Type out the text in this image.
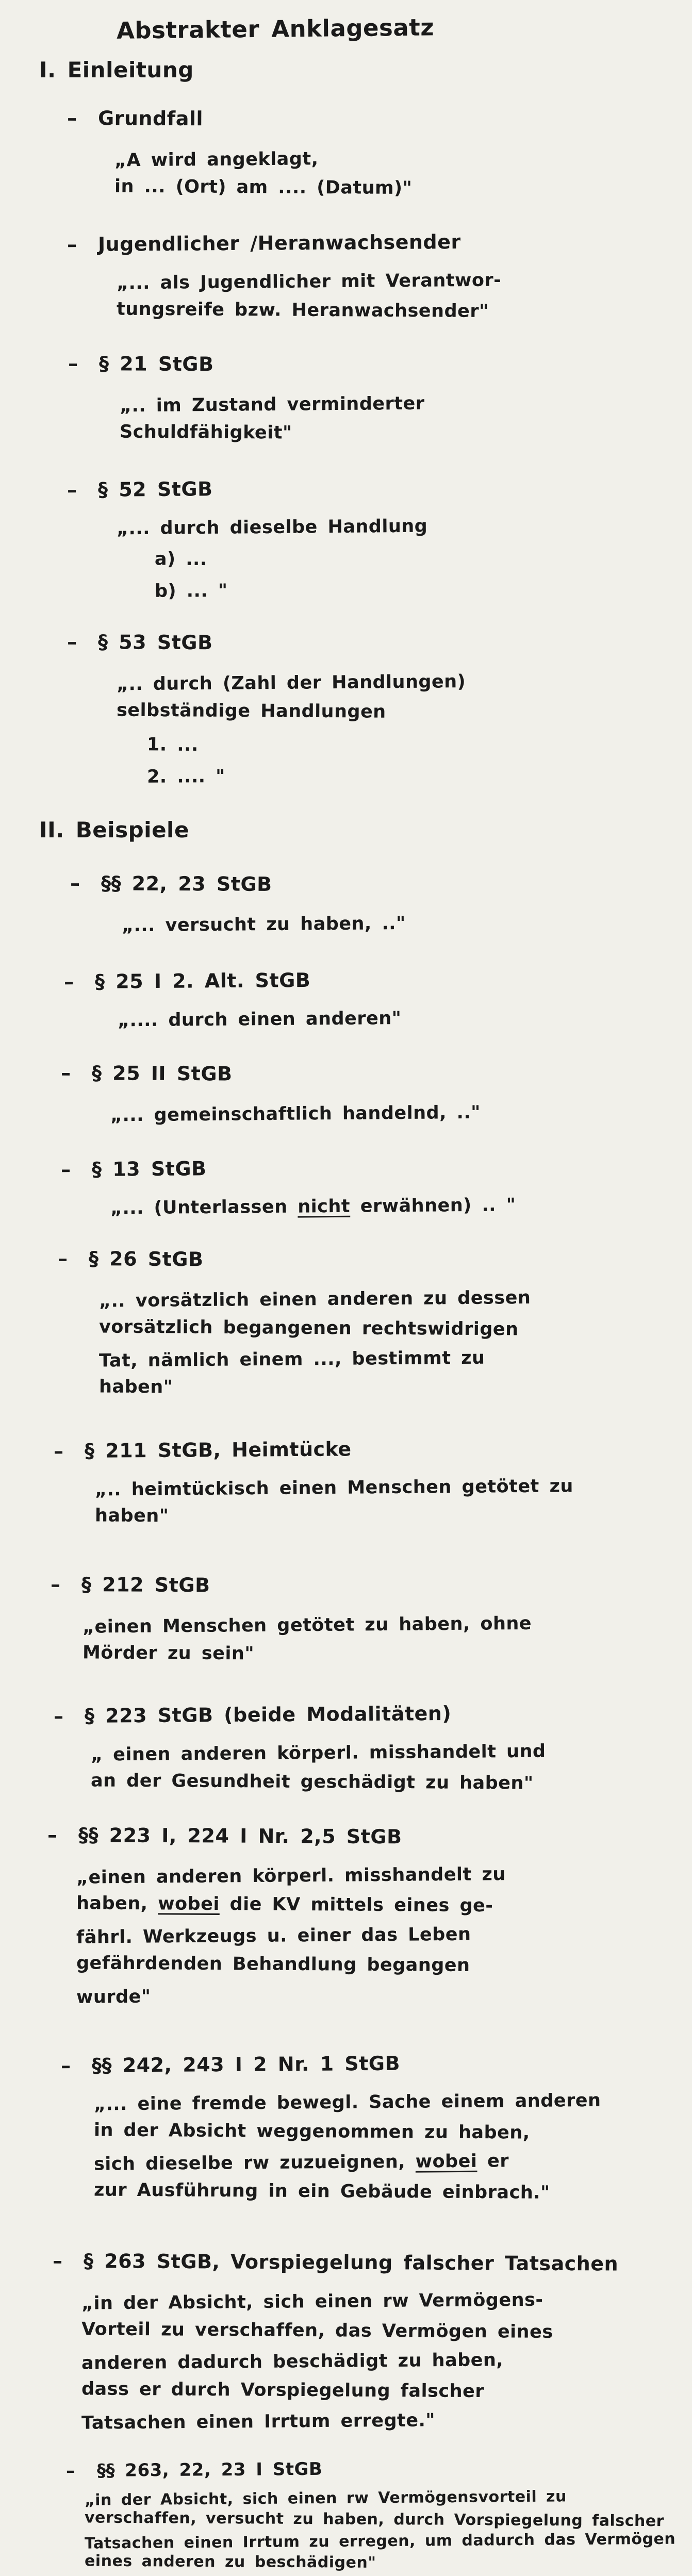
Abstrakter Anklagesatz
I. Einleitung
–	Grundfall
„A wird angeklagt,
in ... (Ort) am .... (Datum)"
–	Jugendlicher /Heranwachsender
„... als Jugendlicher mit Verantwor-
tungsreife bzw. Heranwachsender"
–	§ 21 StGB
„.. im Zustand verminderter
Schuldfähigkeit"
–	§ 52 StGB
„... durch dieselbe Handlung
a) ...
b) ... "
–	§ 53 StGB
„.. durch (Zahl der Handlungen)
selbständige Handlungen
1. ...
2. .... "
II. Beispiele
–	§§ 22, 23 StGB
„... versucht zu haben, .."
–	§ 25 I 2. Alt. StGB
„.... durch einen anderen"
–	§ 25 II StGB
„... gemeinschaftlich handelnd, .."
–	§ 13 StGB
„... (Unterlassen nicht erwähnen) .. "
–	§ 26 StGB
„.. vorsätzlich einen anderen zu dessen
vorsätzlich begangenen rechtswidrigen
Tat, nämlich einem ..., bestimmt zu
haben"
–	§ 211 StGB, Heimtücke
„.. heimtückisch einen Menschen getötet zu
haben"
–	§ 212 StGB
„einen Menschen getötet zu haben, ohne
Mörder zu sein"
–	§ 223 StGB (beide Modalitäten)
„ einen anderen körperl. misshandelt und
an der Gesundheit geschädigt zu haben"
–	§§ 223 I, 224 I Nr. 2,5 StGB
„einen anderen körperl. misshandelt zu
haben, wobei die KV mittels eines ge-
fährl. Werkzeugs u. einer das Leben
gefährdenden Behandlung begangen
wurde"
–	§§ 242, 243 I 2 Nr. 1 StGB
„... eine fremde bewegl. Sache einem anderen
in der Absicht weggenommen zu haben,
sich dieselbe rw zuzueignen, wobei er
zur Ausführung in ein Gebäude einbrach."
–	§ 263 StGB, Vorspiegelung falscher Tatsachen
„in der Absicht, sich einen rw Vermögens-
Vorteil zu verschaffen, das Vermögen eines
anderen dadurch beschädigt zu haben,
dass er durch Vorspiegelung falscher
Tatsachen einen Irrtum erregte."
–	§§ 263, 22, 23 I StGB
„in der Absicht, sich einen rw Vermögensvorteil zu
verschaffen, versucht zu haben, durch Vorspiegelung falscher
Tatsachen einen Irrtum zu erregen, um dadurch das Vermögen
eines anderen zu beschädigen"
